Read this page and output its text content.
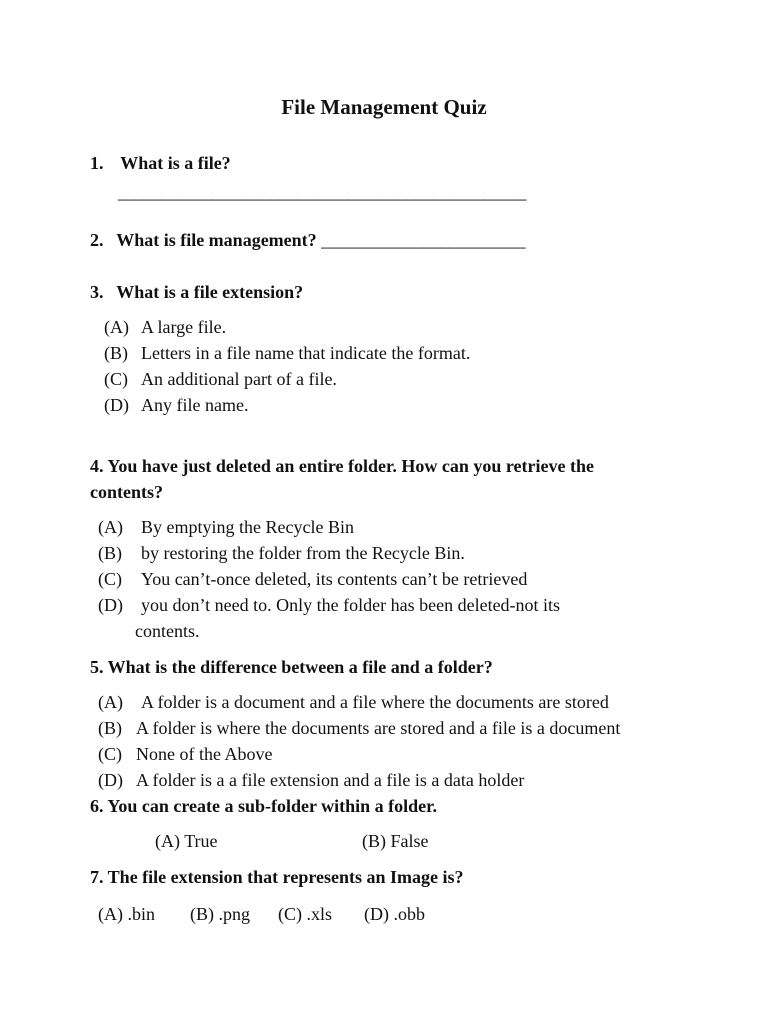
File Management Quiz
1. What is a file?
________________________________________________
2. What is file management? ________________________
3. What is a file extension?
(A) A large file.
(B) Letters in a file name that indicate the format.
(C) An additional part of a file.
(D) Any file name.
4. You have just deleted an entire folder. How can you retrieve the
contents?
(A) By emptying the Recycle Bin
(B) by restoring the folder from the Recycle Bin.
(C) You can’t-once deleted, its contents can’t be retrieved
(D) you don’t need to. Only the folder has been deleted-not its
contents.
5. What is the difference between a file and a folder?
(A) A folder is a document and a file where the documents are stored
(B) A folder is where the documents are stored and a file is a document
(C) None of the Above
(D) A folder is a a file extension and a file is a data holder
6. You can create a sub-folder within a folder.
(A) True	(B) False
7. The file extension that represents an Image is?
(A) .bin (B) .png (C) .xls (D) .obb
